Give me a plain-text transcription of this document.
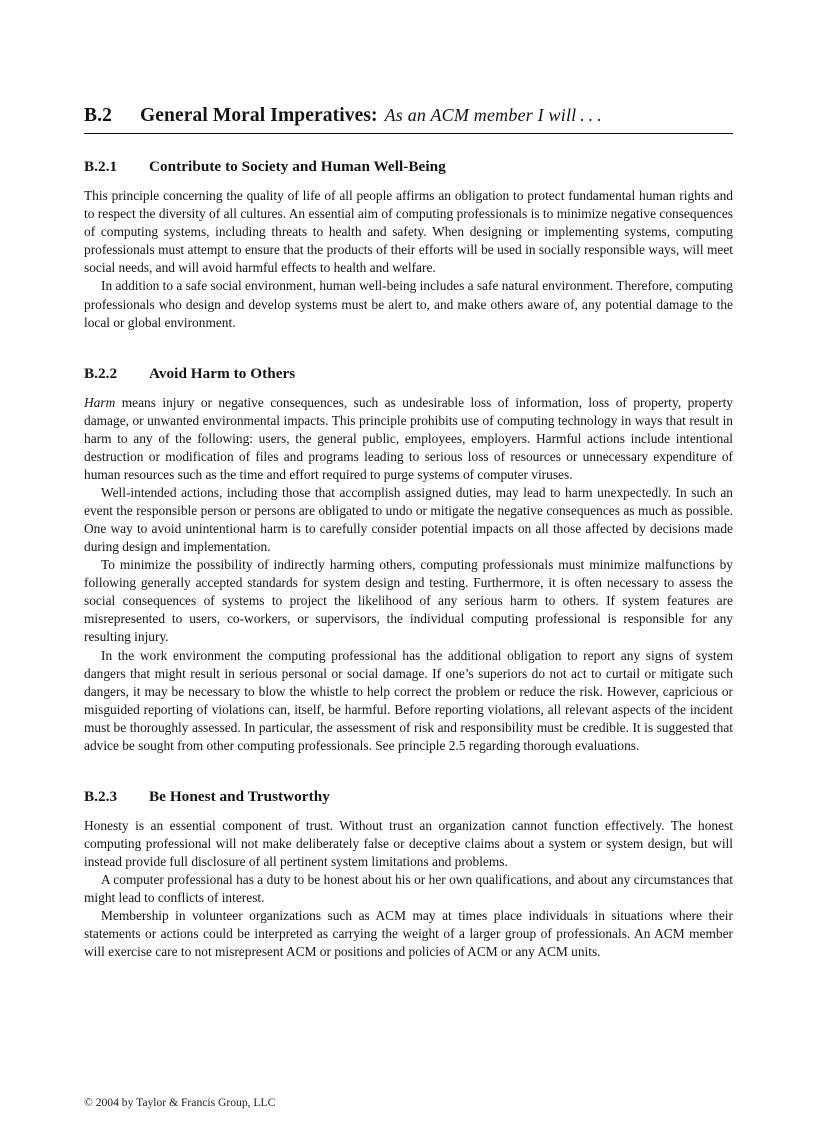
B.2 General Moral Imperatives: As an ACM member I will . . .
B.2.1 Contribute to Society and Human Well-Being

This principle concerning the quality of life of all people affirms an obligation to protect fundamental human rights and to respect the diversity of all cultures. An essential aim of computing professionals is to minimize negative consequences of computing systems, including threats to health and safety. When designing or implementing systems, computing professionals must attempt to ensure that the products of their efforts will be used in socially responsible ways, will meet social needs, and will avoid harmful effects to health and welfare.

In addition to a safe social environment, human well-being includes a safe natural environment. Therefore, computing professionals who design and develop systems must be alert to, and make others aware of, any potential damage to the local or global environment.

B.2.2 Avoid Harm to Others

Harm means injury or negative consequences, such as undesirable loss of information, loss of property, property damage, or unwanted environmental impacts. This principle prohibits use of computing technology in ways that result in harm to any of the following: users, the general public, employees, employers. Harmful actions include intentional destruction or modification of files and programs leading to serious loss of resources or unnecessary expenditure of human resources such as the time and effort required to purge systems of computer viruses.

Well-intended actions, including those that accomplish assigned duties, may lead to harm unexpectedly. In such an event the responsible person or persons are obligated to undo or mitigate the negative consequences as much as possible. One way to avoid unintentional harm is to carefully consider potential impacts on all those affected by decisions made during design and implementation.

To minimize the possibility of indirectly harming others, computing professionals must minimize malfunctions by following generally accepted standards for system design and testing. Furthermore, it is often necessary to assess the social consequences of systems to project the likelihood of any serious harm to others. If system features are misrepresented to users, co-workers, or supervisors, the individual computing professional is responsible for any resulting injury.

In the work environment the computing professional has the additional obligation to report any signs of system dangers that might result in serious personal or social damage. If one’s superiors do not act to curtail or mitigate such dangers, it may be necessary to blow the whistle to help correct the problem or reduce the risk. However, capricious or misguided reporting of violations can, itself, be harmful. Before reporting violations, all relevant aspects of the incident must be thoroughly assessed. In particular, the assessment of risk and responsibility must be credible. It is suggested that advice be sought from other computing professionals. See principle 2.5 regarding thorough evaluations.

B.2.3 Be Honest and Trustworthy

Honesty is an essential component of trust. Without trust an organization cannot function effectively. The honest computing professional will not make deliberately false or deceptive claims about a system or system design, but will instead provide full disclosure of all pertinent system limitations and problems.

A computer professional has a duty to be honest about his or her own qualifications, and about any circumstances that might lead to conflicts of interest.

Membership in volunteer organizations such as ACM may at times place individuals in situations where their statements or actions could be interpreted as carrying the weight of a larger group of professionals. An ACM member will exercise care to not misrepresent ACM or positions and policies of ACM or any ACM units.

© 2004 by Taylor & Francis Group, LLC
